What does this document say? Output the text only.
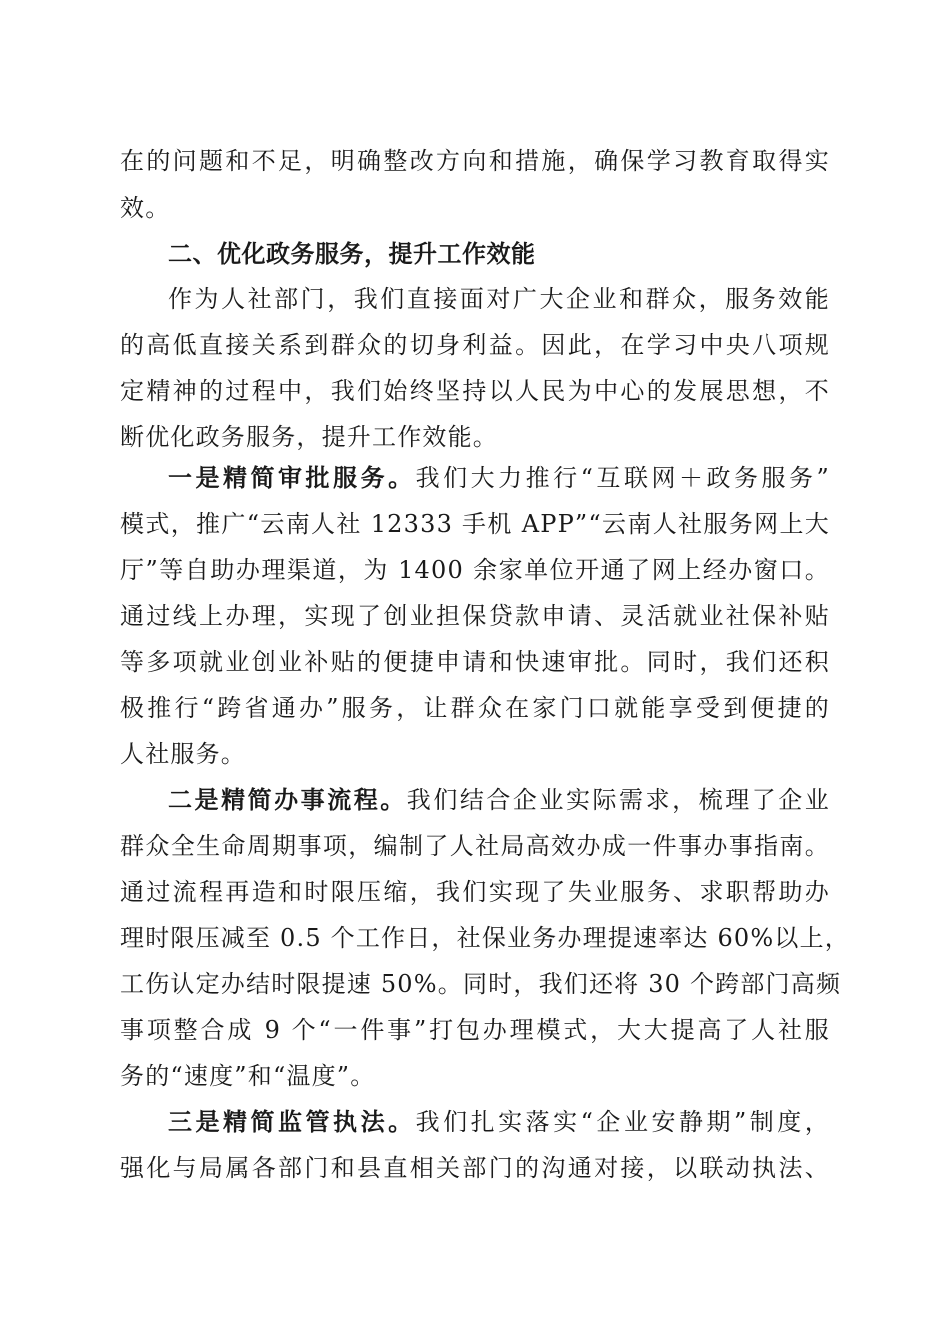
在的问题和不足，明确整改方向和措施，确保学习教育取得实
效。
二、优化政务服务，提升工作效能
作为人社部门，我们直接面对广大企业和群众，服务效能
的高低直接关系到群众的切身利益。因此，在学习中央八项规
定精神的过程中，我们始终坚持以人民为中心的发展思想，不
断优化政务服务，提升工作效能。
一是精简审批服务。我们大力推行“互联网＋政务服务”
模式，推广“云南人社 12333 手机 APP”“云南人社服务网上大
厅”等自助办理渠道，为 1400 余家单位开通了网上经办窗口。
通过线上办理，实现了创业担保贷款申请、灵活就业社保补贴
等多项就业创业补贴的便捷申请和快速审批。同时，我们还积
极推行“跨省通办”服务，让群众在家门口就能享受到便捷的
人社服务。
二是精简办事流程。我们结合企业实际需求，梳理了企业
群众全生命周期事项，编制了人社局高效办成一件事办事指南。
通过流程再造和时限压缩，我们实现了失业服务、求职帮助办
理时限压减至 0.5 个工作日，社保业务办理提速率达 60%以上，
工伤认定办结时限提速 50%。同时，我们还将 30 个跨部门高频
事项整合成 9 个“一件事”打包办理模式，大大提高了人社服
务的“速度”和“温度”。
三是精简监管执法。我们扎实落实“企业安静期”制度，
强化与局属各部门和县直相关部门的沟通对接，以联动执法、
